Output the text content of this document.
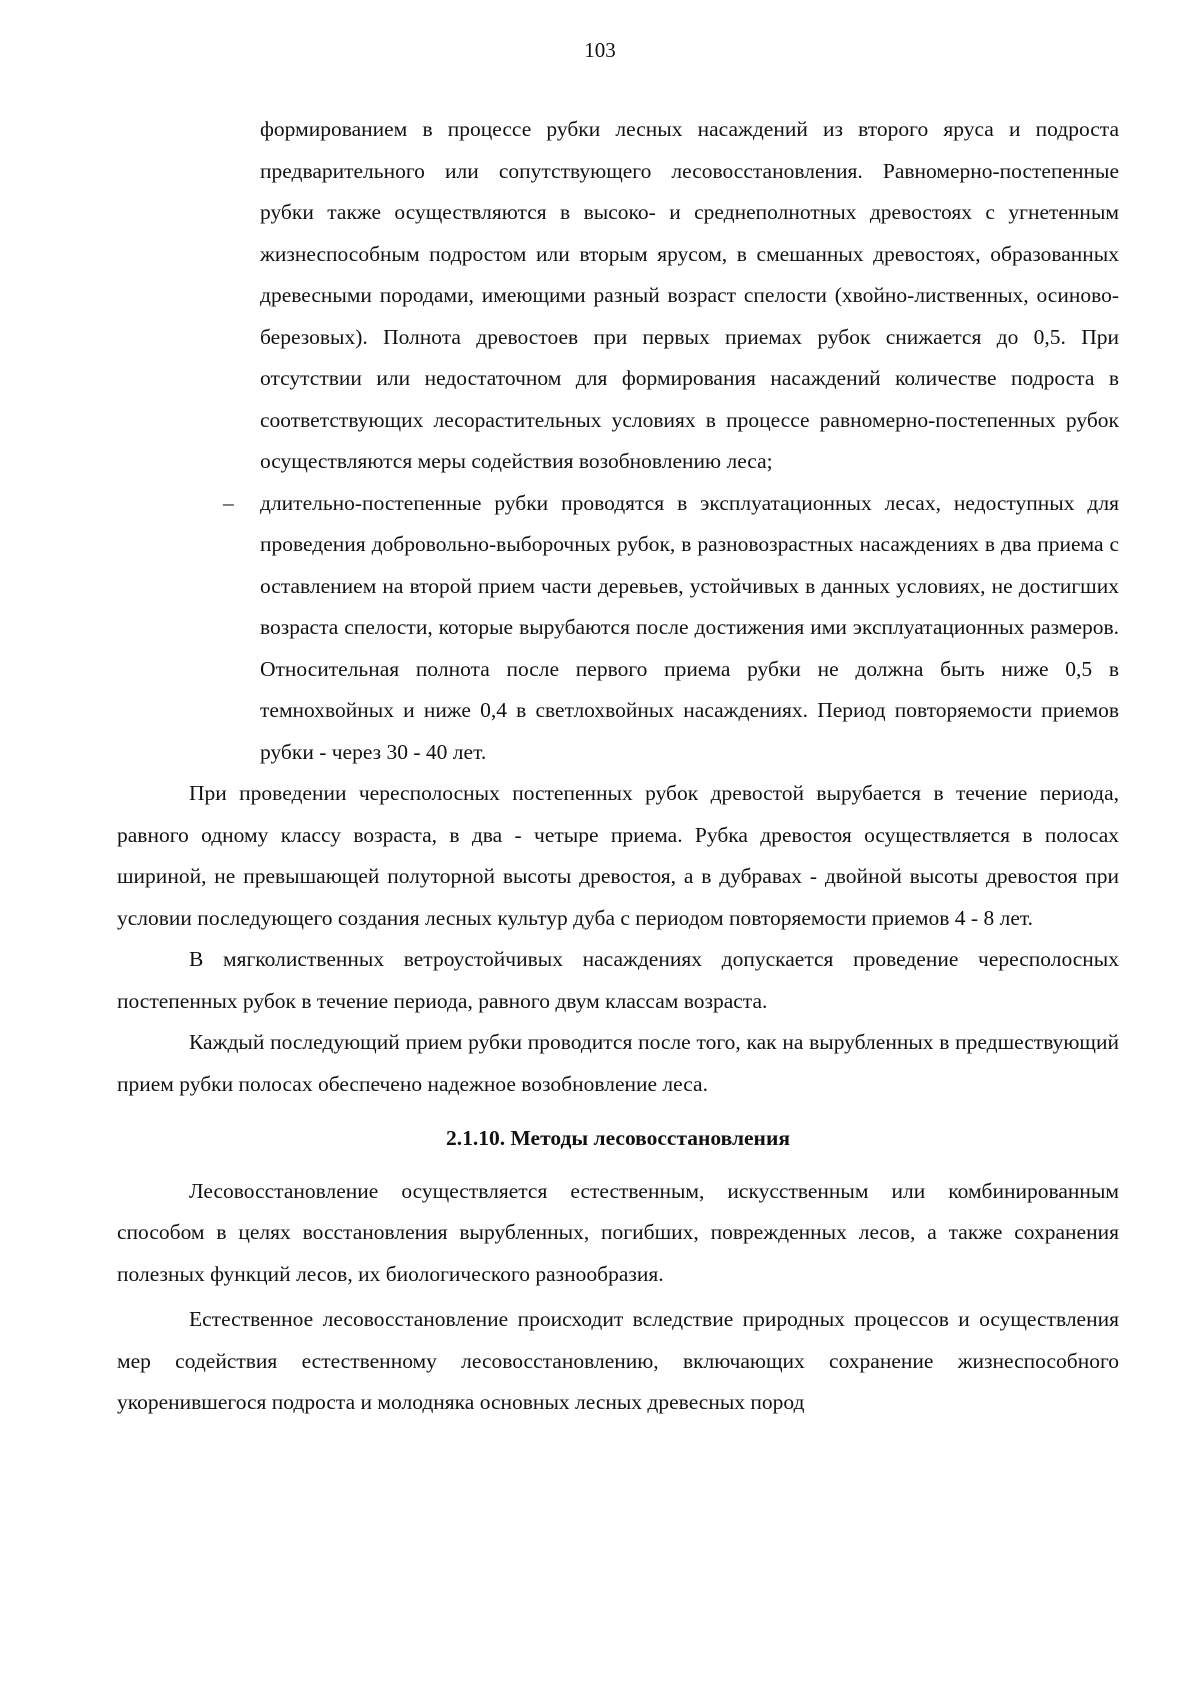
103

формированием в процессе рубки лесных насаждений из второго яруса и подроста предварительного или сопутствующего лесовосстановления. Равномерно-постепенные рубки также осуществляются в высоко- и среднеполнотных древостоях с угнетенным жизнеспособным подростом или вторым ярусом, в смешанных древостоях, образованных древесными породами, имеющими разный возраст спелости (хвойно-лиственных, осиново-березовых). Полнота древостоев при первых приемах рубок снижается до 0,5. При отсутствии или недостаточном для формирования насаждений количестве подроста в соответствующих лесорастительных условиях в процессе равномерно-постепенных рубок осуществляются меры содействия возобновлению леса;

– длительно-постепенные рубки проводятся в эксплуатационных лесах, недоступных для проведения добровольно-выборочных рубок, в разновозрастных насаждениях в два приема с оставлением на второй прием части деревьев, устойчивых в данных условиях, не достигших возраста спелости, которые вырубаются после достижения ими эксплуатационных размеров. Относительная полнота после первого приема рубки не должна быть ниже 0,5 в темнохвойных и ниже 0,4 в светлохвойных насаждениях. Период повторяемости приемов рубки - через 30 - 40 лет.

При проведении чересполосных постепенных рубок древостой вырубается в течение периода, равного одному классу возраста, в два - четыре приема. Рубка древостоя осуществляется в полосах шириной, не превышающей полуторной высоты древостоя, а в дубравах - двойной высоты древостоя при условии последующего создания лесных культур дуба с периодом повторяемости приемов 4 - 8 лет.

В мягколиственных ветроустойчивых насаждениях допускается проведение чересполосных постепенных рубок в течение периода, равного двум классам возраста.

Каждый последующий прием рубки проводится после того, как на вырубленных в предшествующий прием рубки полосах обеспечено надежное возобновление леса.

2.1.10. Методы лесовосстановления

Лесовосстановление осуществляется естественным, искусственным или комбинированным способом в целях восстановления вырубленных, погибших, поврежденных лесов, а также сохранения полезных функций лесов, их биологического разнообразия.

Естественное лесовосстановление происходит вследствие природных процессов и осуществления мер содействия естественному лесовосстановлению, включающих сохранение жизнеспособного укоренившегося подроста и молодняка основных лесных древесных пород
